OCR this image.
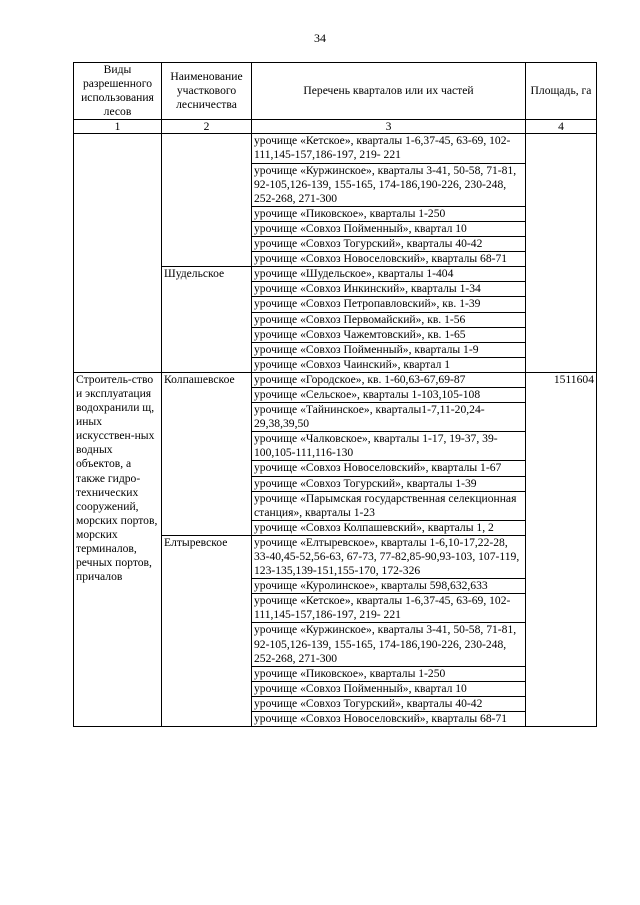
34
Виды разрешенного использования лесов	Наименование участкового лесничества	Перечень кварталов или их частей	Площадь, га
1	2	3	4
		урочище «Кетское», кварталы 1-6,37-45, 63-69, 102-111,145-157,186-197, 219- 221	
		урочище «Куржинское», кварталы 3-41, 50-58, 71-81, 92-105,126-139, 155-165, 174-186,190-226, 230-248, 252-268, 271-300	
		урочище «Пиковское», кварталы 1-250	
		урочище «Совхоз Пойменный», квартал 10	
		урочище «Совхоз Тогурский», кварталы 40-42	
		урочище «Совхоз Новоселовский», кварталы 68-71	
	Шудельское	урочище «Шудельское», кварталы 1-404	
		урочище «Совхоз Инкинский», кварталы 1-34	
		урочище «Совхоз Петропавловский», кв. 1-39	
		урочище «Совхоз Первомайский», кв. 1-56	
		урочище «Совхоз Чажемтовский», кв. 1-65	
		урочище «Совхоз Пойменный», кварталы 1-9	
		урочище «Совхоз Чаинский», квартал 1	
Строитель-ство и эксплуатация водохранили щ, иных искусствен-ных водных объектов, а также гидро-технических сооружений, морских портов, морских терминалов, речных портов, причалов	Колпашевское	урочище «Городское», кв. 1-60,63-67,69-87	1511604
		урочище «Сельское», кварталы 1-103,105-108	
		урочище «Тайнинское», кварталы1-7,11-20,24-29,38,39,50	
		урочище «Чалковское», кварталы 1-17, 19-37, 39-100,105-111,116-130	
		урочище «Совхоз Новоселовский», кварталы 1-67	
		урочище «Совхоз Тогурский», кварталы 1-39	
		урочище «Парымская государственная селекционная станция», кварталы 1-23	
		урочище «Совхоз Колпашевский», кварталы 1, 2	
	Елтыревское	урочище «Елтыревское», кварталы 1-6,10-17,22-28, 33-40,45-52,56-63, 67-73, 77-82,85-90,93-103, 107-119, 123-135,139-151,155-170, 172-326	
		урочище «Куролинское», кварталы 598,632,633	
		урочище «Кетское», кварталы 1-6,37-45, 63-69, 102-111,145-157,186-197, 219- 221	
		урочище «Куржинское», кварталы 3-41, 50-58, 71-81, 92-105,126-139, 155-165, 174-186,190-226, 230-248, 252-268, 271-300	
		урочище «Пиковское», кварталы 1-250	
		урочище «Совхоз Пойменный», квартал 10	
		урочище «Совхоз Тогурский», кварталы 40-42	
		урочище «Совхоз Новоселовский», кварталы 68-71	
